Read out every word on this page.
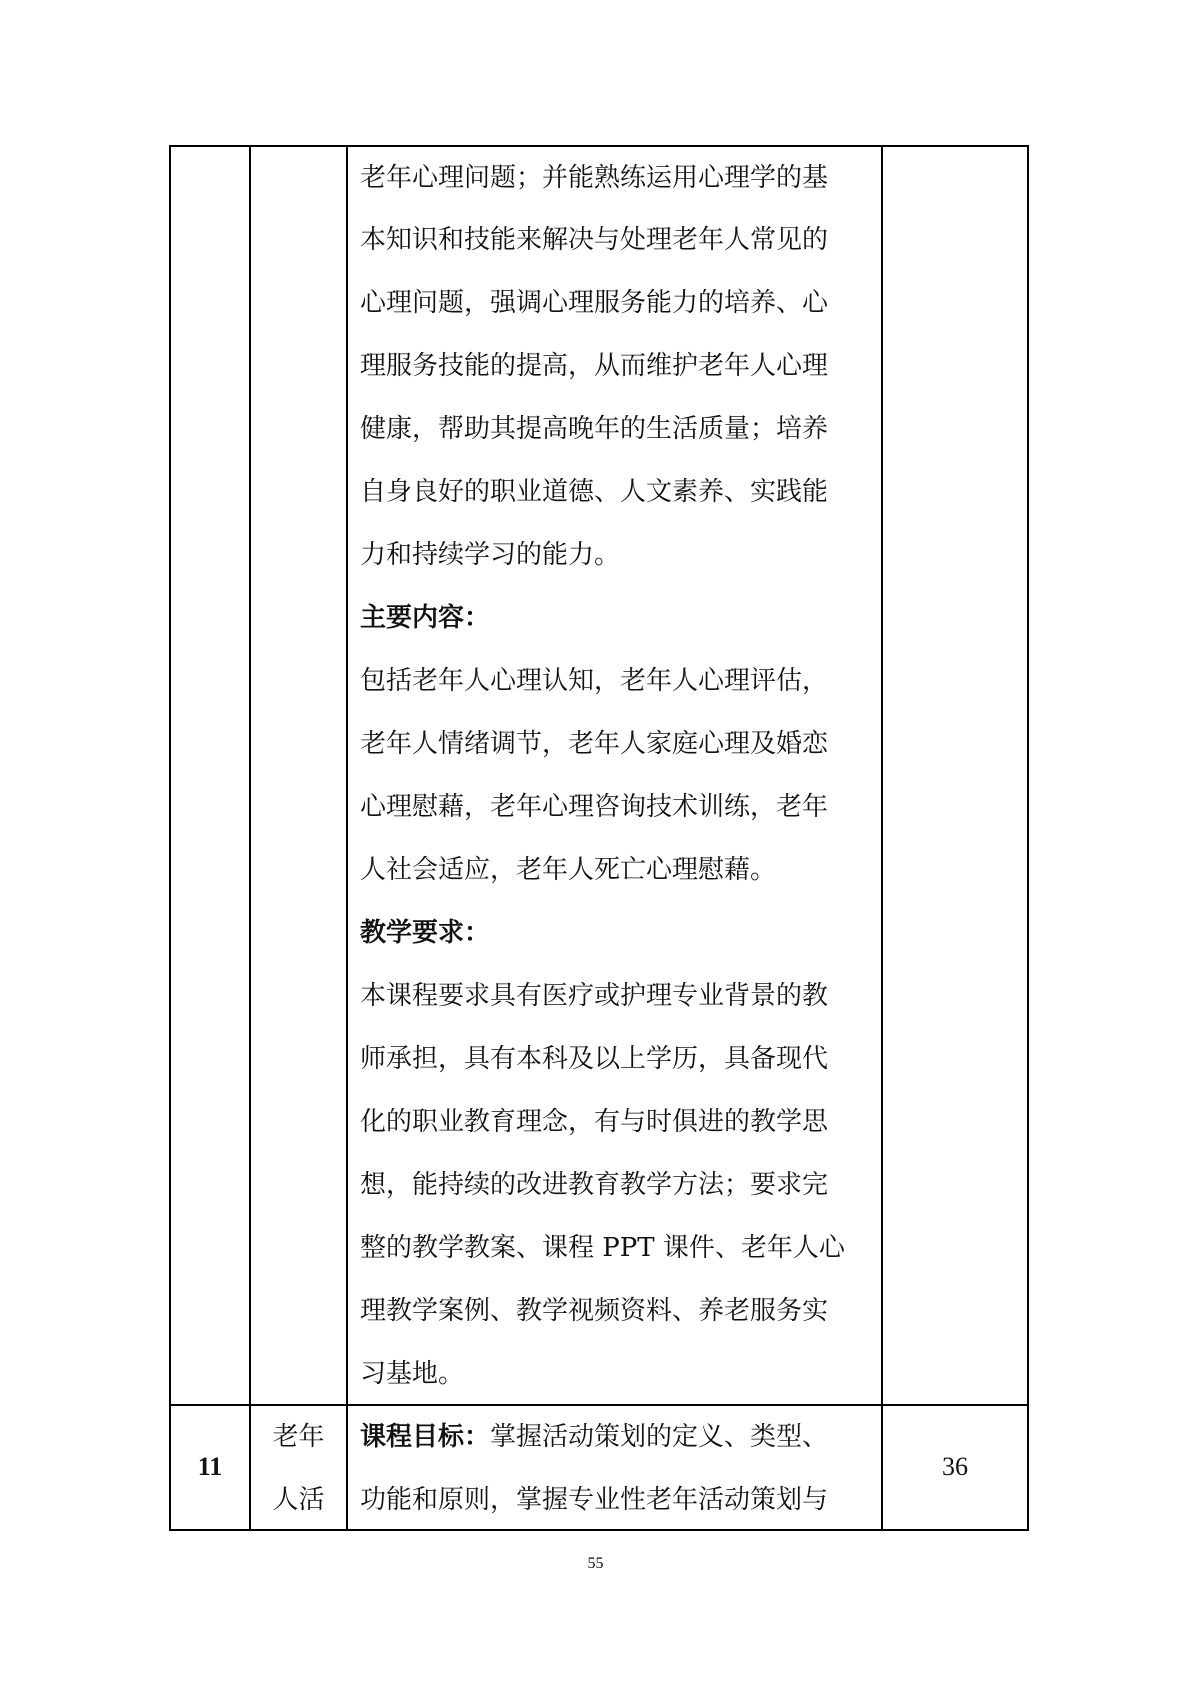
老年心理问题；并能熟练运用心理学的基
本知识和技能来解决与处理老年人常见的
心理问题，强调心理服务能力的培养、心
理服务技能的提高，从而维护老年人心理
健康，帮助其提高晚年的生活质量；培养
自身良好的职业道德、人文素养、实践能
力和持续学习的能力。
主要内容：
包括老年人心理认知，老年人心理评估，
老年人情绪调节，老年人家庭心理及婚恋
心理慰藉，老年心理咨询技术训练，老年
人社会适应，老年人死亡心理慰藉。
教学要求：
本课程要求具有医疗或护理专业背景的教
师承担，具有本科及以上学历，具备现代
化的职业教育理念，有与时俱进的教学思
想，能持续的改进教育教学方法；要求完
整的教学教案、课程 PPT 课件、老年人心
理教学案例、教学视频资料、养老服务实
习基地。
11
老年
人活
课程目标：掌握活动策划的定义、类型、
功能和原则，掌握专业性老年活动策划与
36
55
